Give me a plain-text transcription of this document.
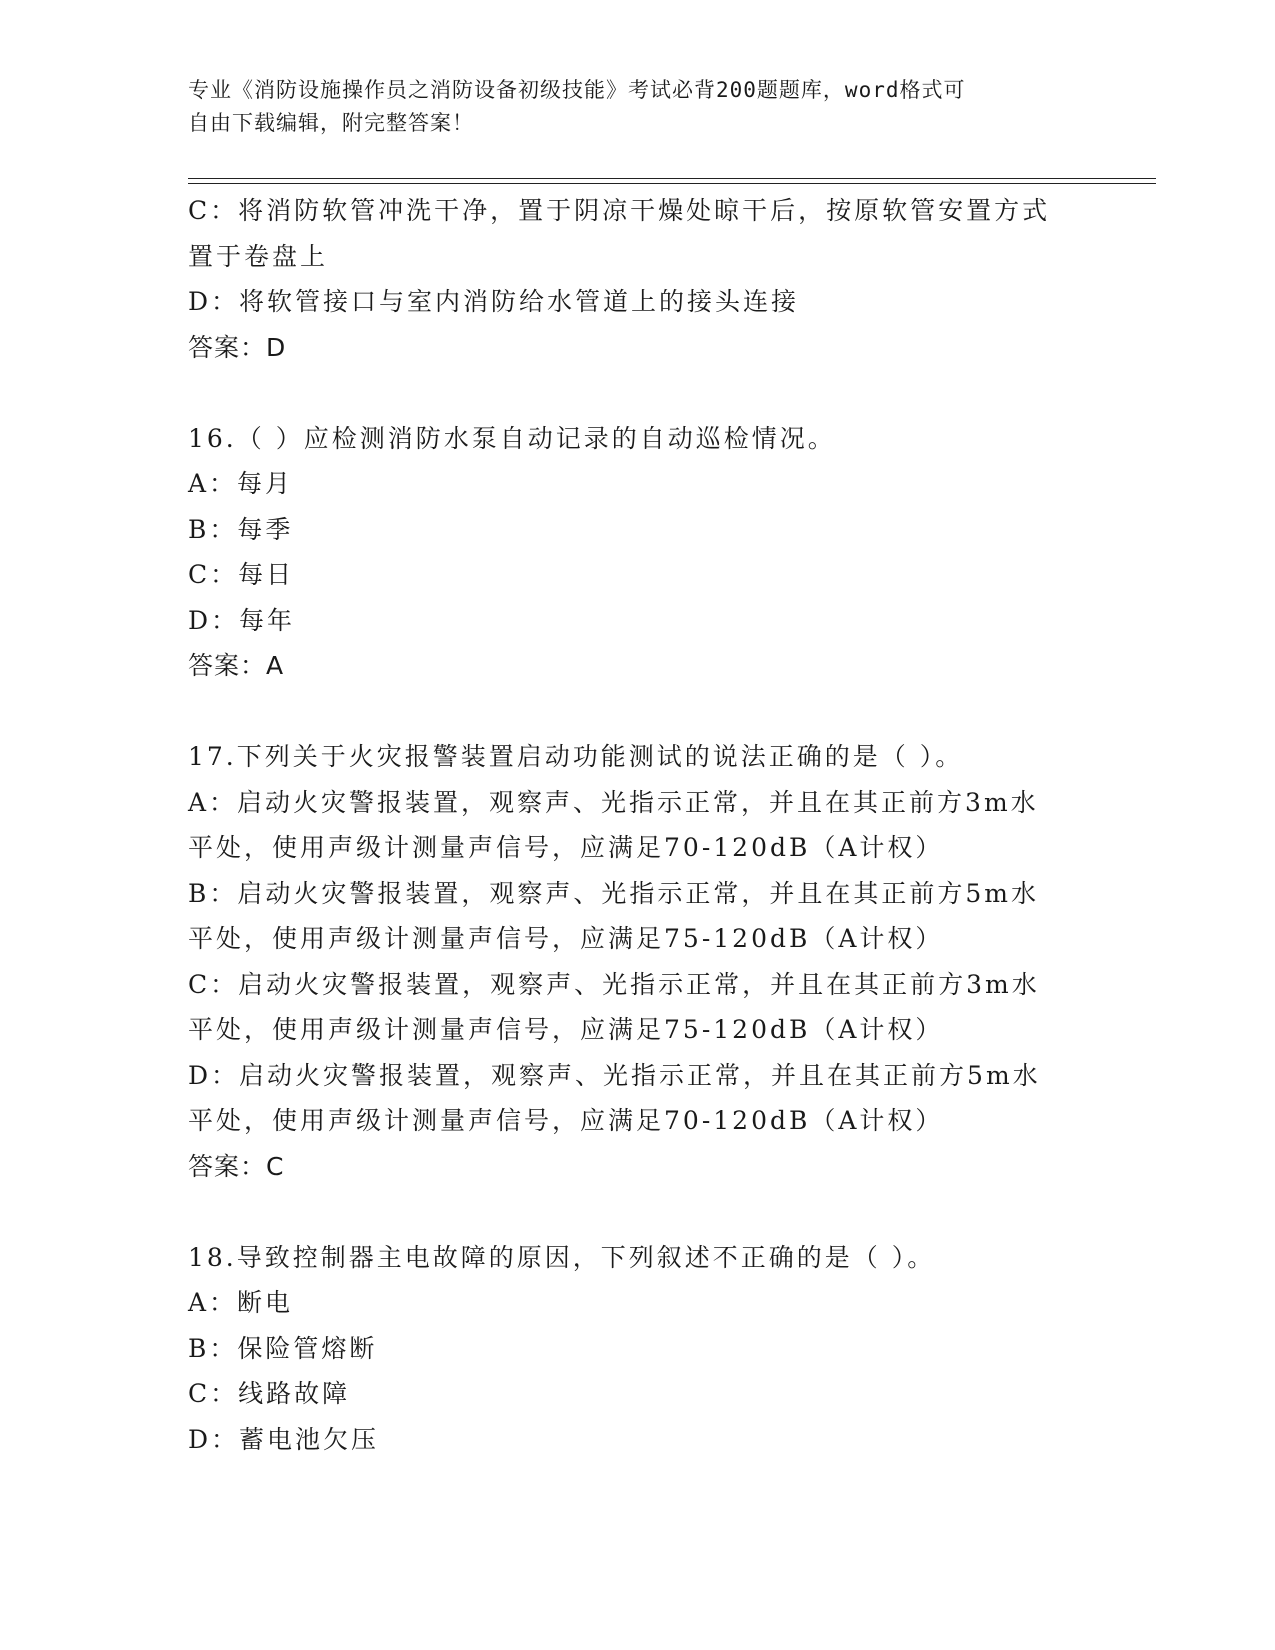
专业《消防设施操作员之消防设备初级技能》考试必背200题题库，word格式可
自由下载编辑，附完整答案！
C：将消防软管冲洗干净，置于阴凉干燥处晾干后，按原软管安置方式
置于卷盘上
D：将软管接口与室内消防给水管道上的接头连接
答案：D
16.（ ）应检测消防水泵自动记录的自动巡检情况。
A：每月
B：每季
C：每日
D：每年
答案：A
17.下列关于火灾报警装置启动功能测试的说法正确的是（ ）。
A：启动火灾警报装置，观察声、光指示正常，并且在其正前方3m水
平处，使用声级计测量声信号，应满足70-120dB（A计权）
B：启动火灾警报装置，观察声、光指示正常，并且在其正前方5m水
平处，使用声级计测量声信号，应满足75-120dB（A计权）
C：启动火灾警报装置，观察声、光指示正常，并且在其正前方3m水
平处，使用声级计测量声信号，应满足75-120dB（A计权）
D：启动火灾警报装置，观察声、光指示正常，并且在其正前方5m水
平处，使用声级计测量声信号，应满足70-120dB（A计权）
答案：C
18.导致控制器主电故障的原因，下列叙述不正确的是（ ）。
A：断电
B：保险管熔断
C：线路故障
D：蓄电池欠压
